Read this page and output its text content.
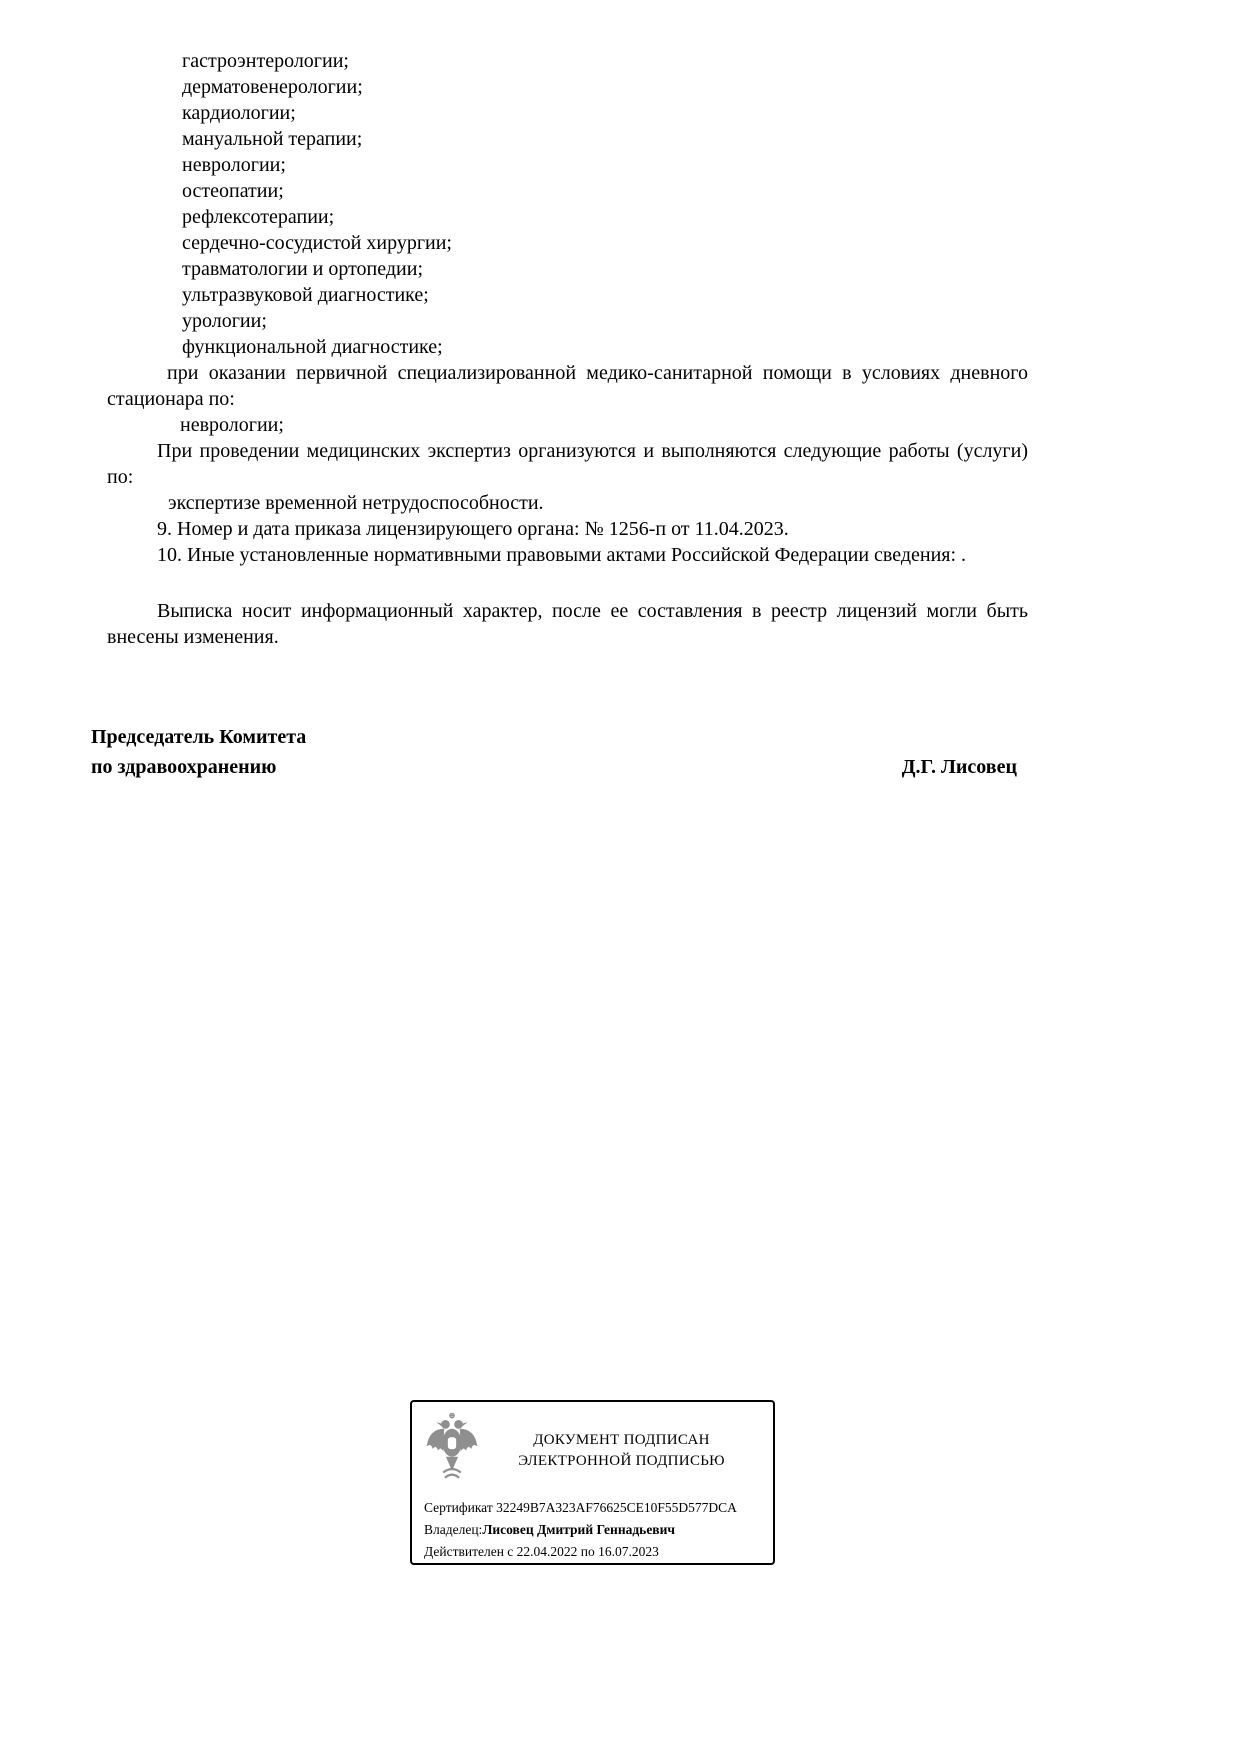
гастроэнтерологии;
дерматовенерологии;
кардиологии;
мануальной терапии;
неврологии;
остеопатии;
рефлексотерапии;
сердечно-сосудистой хирургии;
травматологии и ортопедии;
ультразвуковой диагностике;
урологии;
функциональной диагностике;
при оказании первичной специализированной медико-санитарной помощи в условиях дневного стационара по:
неврологии;
При проведении медицинских экспертиз организуются и выполняются следующие работы (услуги) по:
экспертизе временной нетрудоспособности.
9. Номер и дата приказа лицензирующего органа: № 1256-п от 11.04.2023.
10. Иные установленные нормативными правовыми актами Российской Федерации сведения: .
Выписка носит информационный характер, после ее составления в реестр лицензий могли быть внесены изменения.
Председатель Комитета
по здравоохранению	Д.Г. Лисовец
ДОКУМЕНТ ПОДПИСАН
ЭЛЕКТРОННОЙ ПОДПИСЬЮ
Сертификат 32249B7A323AF76625CE10F55D577DCA
Владелец:Лисовец Дмитрий Геннадьевич
Действителен с 22.04.2022 по 16.07.2023
